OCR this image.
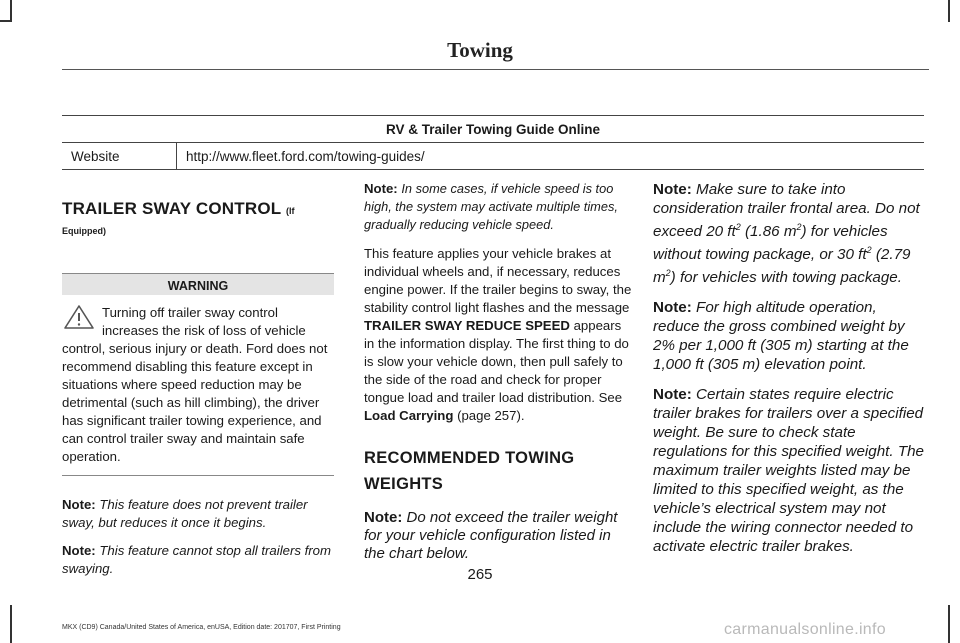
Towing
RV & Trailer Towing Guide Online
Website	http://www.fleet.ford.com/towing-guides/
TRAILER SWAY CONTROL (If Equipped)
WARNING
Turning off trailer sway control increases the risk of loss of vehicle control, serious injury or death. Ford does not recommend disabling this feature except in situations where speed reduction may be detrimental (such as hill climbing), the driver has significant trailer towing experience, and can control trailer sway and maintain safe operation.

Note: This feature does not prevent trailer sway, but reduces it once it begins.

Note: This feature cannot stop all trailers from swaying.

Note: In some cases, if vehicle speed is too high, the system may activate multiple times, gradually reducing vehicle speed.

This feature applies your vehicle brakes at individual wheels and, if necessary, reduces engine power. If the trailer begins to sway, the stability control light flashes and the message TRAILER SWAY REDUCE SPEED appears in the information display. The first thing to do is slow your vehicle down, then pull safely to the side of the road and check for proper tongue load and trailer load distribution. See Load Carrying (page 257).

RECOMMENDED TOWING
WEIGHTS

Note: Do not exceed the trailer weight for your vehicle configuration listed in the chart below.

Note: Make sure to take into consideration trailer frontal area. Do not exceed 20 $ft^2$ (1.86 $m^2$) for vehicles without towing package, or 30 $ft^2$ (2.79 $m^2$) for vehicles with towing package.

Note: For high altitude operation, reduce the gross combined weight by 2% per 1,000 ft (305 m) starting at the 1,000 ft (305 m) elevation point.

Note: Certain states require electric trailer brakes for trailers over a specified weight. Be sure to check state regulations for this specified weight. The maximum trailer weights listed may be limited to this specified weight, as the vehicle’s electrical system may not include the wiring connector needed to activate electric trailer brakes.

265
MKX (CD9) Canada/United States of America, enUSA, Edition date: 201707, First Printing	carmanualsonline.info
